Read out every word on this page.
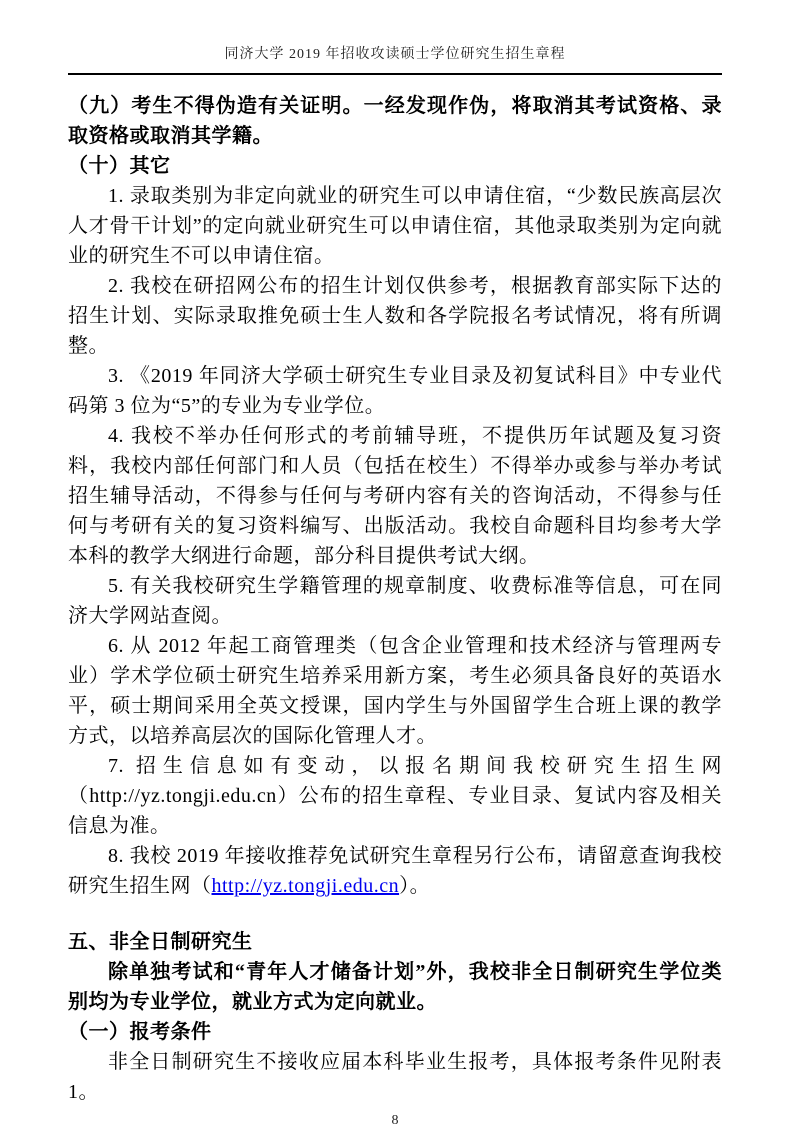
同济大学 2019 年招收攻读硕士学位研究生招生章程

（九）考生不得伪造有关证明。一经发现作伪，将取消其考试资格、录取资格或取消其学籍。

（十）其它

1. 录取类别为非定向就业的研究生可以申请住宿，“少数民族高层次人才骨干计划”的定向就业研究生可以申请住宿，其他录取类别为定向就业的研究生不可以申请住宿。

2. 我校在研招网公布的招生计划仅供参考，根据教育部实际下达的招生计划、实际录取推免硕士生人数和各学院报名考试情况，将有所调整。

3. 《2019 年同济大学硕士研究生专业目录及初复试科目》中专业代码第 3 位为“5”的专业为专业学位。

4. 我校不举办任何形式的考前辅导班，不提供历年试题及复习资料，我校内部任何部门和人员（包括在校生）不得举办或参与举办考试招生辅导活动，不得参与任何与考研内容有关的咨询活动，不得参与任何与考研有关的复习资料编写、出版活动。我校自命题科目均参考大学本科的教学大纲进行命题，部分科目提供考试大纲。

5. 有关我校研究生学籍管理的规章制度、收费标准等信息，可在同济大学网站查阅。

6. 从 2012 年起工商管理类（包含企业管理和技术经济与管理两专业）学术学位硕士研究生培养采用新方案，考生必须具备良好的英语水平，硕士期间采用全英文授课，国内学生与外国留学生合班上课的教学方式，以培养高层次的国际化管理人才。

7. 招生信息如有变动，以报名期间我校研究生招生网（http://yz.tongji.edu.cn）公布的招生章程、专业目录、复试内容及相关信息为准。

8. 我校 2019 年接收推荐免试研究生章程另行公布，请留意查询我校研究生招生网（http://yz.tongji.edu.cn）。

五、非全日制研究生

除单独考试和“青年人才储备计划”外，我校非全日制研究生学位类别均为专业学位，就业方式为定向就业。

（一）报考条件

非全日制研究生不接收应届本科毕业生报考，具体报考条件见附表 1。

8
